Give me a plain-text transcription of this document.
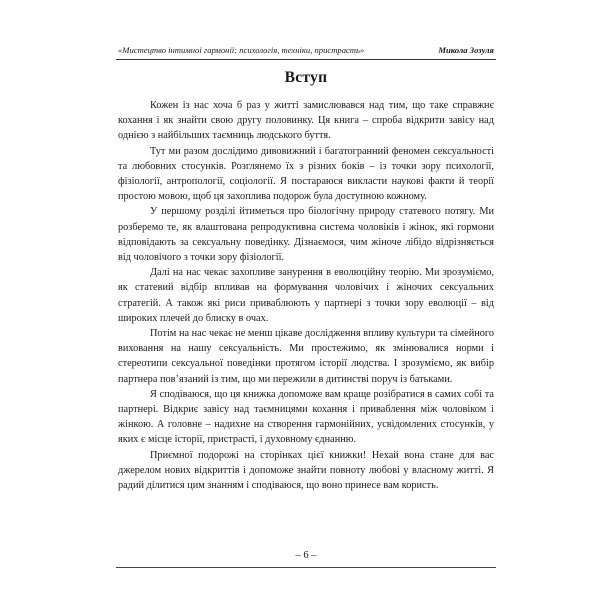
«Мистецтво інтимної гармонії: психологія, техніки, пристрасть»	Микола Зозуля
Вступ

Кожен із нас хоча б раз у житті замислювався над тим, що таке справжнє кохання і як знайти свою другу половинку. Ця книга – спроба відкрити завісу над однією з найбільших таємниць людського буття.

Тут ми разом дослідимо дивовижний і багатогранний феномен сексуальності та любовних стосунків. Розглянемо їх з різних боків – із точки зору психології, фізіології, антропології, соціології. Я постараюся викласти наукові факти й теорії простою мовою, щоб ця захоплива подорож була доступною кожному.

У першому розділі йтиметься про біологічну природу статевого потягу. Ми розберемо те, як влаштована репродуктивна система чоловіків і жінок, які гормони відповідають за сексуальну поведінку. Дізнаємося, чим жіноче лібідо відрізняється від чоловічого з точки зору фізіології.

Далі на нас чекає захопливе занурення в еволюційну теорію. Ми зрозуміємо, як статевий відбір впливав на формування чоловічих і жіночих сексуальних стратегій. А також які риси приваблюють у партнері з точки зору еволюції – від широких плечей до блиску в очах.

Потім на нас чекає не менш цікаве дослідження впливу культури та сімейного виховання на нашу сексуальність. Ми простежимо, як змінювалися норми і стереотипи сексуальної поведінки протягом історії людства. І зрозуміємо, як вибір партнера пов’язаний із тим, що ми пережили в дитинстві поруч із батьками.

Я сподіваюся, що ця книжка допоможе вам краще розібратися в самих собі та партнері. Відкриє завісу над таємницями кохання і приваблення між чоловіком і жінкою. А головне – надихне на створення гармонійних, усвідомлених стосунків, у яких є місце історії, пристрасті, і духовному єднанню.

Приємної подорожі на сторінках цієї книжки! Нехай вона стане для вас джерелом нових відкриттів і допоможе знайти повноту любові у власному житті. Я радий ділитися цим знанням і сподіваюся, що воно принесе вам користь.

– 6 –
